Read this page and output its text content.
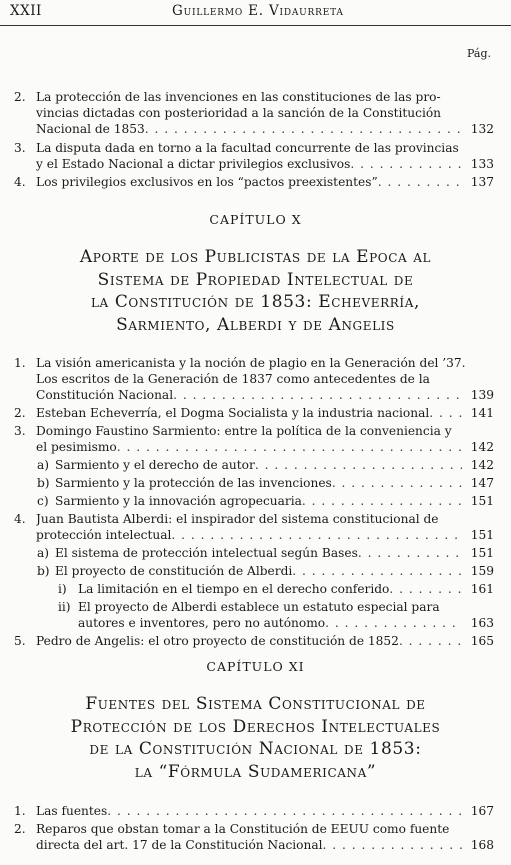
XXII	Guillermo E. Vidaurreta
Pág.
2. La protección de las invenciones en las constituciones de las pro-
vincias dictadas con posterioridad a la sanción de la Constitución
Nacional de 1853 . . .	132
3. La disputa dada en torno a la facultad concurrente de las provincias
y el Estado Nacional a dictar privilegios exclusivos . . .	133
4. Los privilegios exclusivos en los “pactos preexistentes” . . .	137
CAPÍTULO X
Aporte de los Publicistas de la Epoca al
Sistema de Propiedad Intelectual de
la Constitución de 1853: Echeverría,
Sarmiento, Alberdi y de Angelis
1. La visión americanista y la noción de plagio en la Generación del ’37.
Los escritos de la Generación de 1837 como antecedentes de la
Constitución Nacional . . .	139
2. Esteban Echeverría, el Dogma Socialista y la industria nacional . . .	141
3. Domingo Faustino Sarmiento: entre la política de la conveniencia y
el pesimismo . . .	142
a) Sarmiento y el derecho de autor . . .	142
b) Sarmiento y la protección de las invenciones . . .	147
c) Sarmiento y la innovación agropecuaria . . .	151
4. Juan Bautista Alberdi: el inspirador del sistema constitucional de
protección intelectual . . .	151
a) El sistema de protección intelectual según Bases . . .	151
b) El proyecto de constitución de Alberdi . . .	159
i) La limitación en el tiempo en el derecho conferido . . .	161
ii) El proyecto de Alberdi establece un estatuto especial para
autores e inventores, pero no autónomo . . .	163
5. Pedro de Angelis: el otro proyecto de constitución de 1852 . . .	165
CAPÍTULO XI
Fuentes del Sistema Constitucional de
Protección de los Derechos Intelectuales
de la Constitución Nacional de 1853:
la “Fórmula Sudamericana”
1. Las fuentes . . .	167
2. Reparos que obstan tomar a la Constitución de EEUU como fuente
directa del art. 17 de la Constitución Nacional . . .	168
